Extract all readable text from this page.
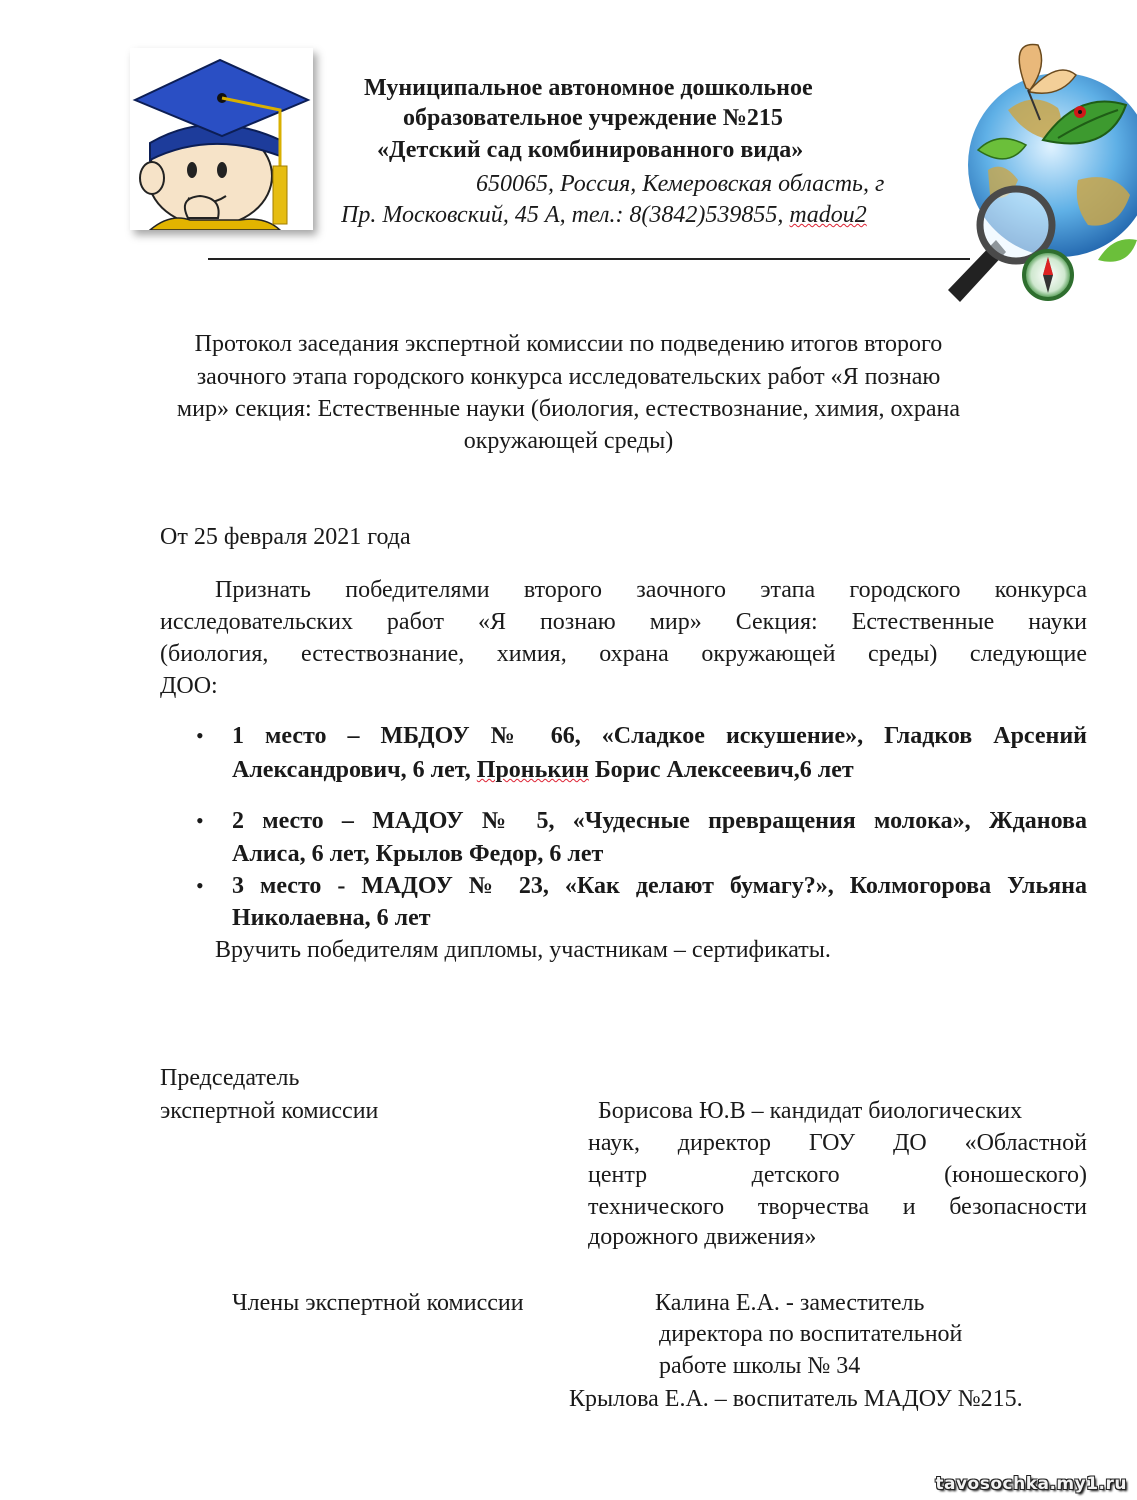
Муниципальное автономное дошкольное
образовательное учреждение №215
«Детский сад комбинированного вида»
650065, Россия, Кемеровская область, г
Пр. Московский, 45 А, тел.: 8(3842)539855, madou2
Протокол заседания экспертной комиссии по подведению итогов второго
заочного этапа городского конкурса исследовательских работ «Я познаю
мир» секция: Естественные науки (биология, естествознание, химия, охрана
окружающей среды)
От 25 февраля 2021 года
Признать победителями второго заочного этапа городского конкурса
исследовательских работ «Я познаю мир» Секция: Естественные науки
(биология, естествознание, химия, охрана окружающей среды) следующие
ДОО:
• 1 место – МБДОУ № 66, «Сладкое искушение», Гладков Арсений
Александрович, 6 лет, Пронькин Борис Алексеевич,6 лет
• 2 место – МАДОУ № 5, «Чудесные превращения молока», Жданова
Алиса, 6 лет, Крылов Федор, 6 лет
• 3 место - МАДОУ № 23, «Как делают бумагу?», Колмогорова Ульяна
Николаевна, 6 лет
Вручить победителям дипломы, участникам – сертификаты.
Председатель
экспертной комиссии	Борисова Ю.В – кандидат биологических
наук, директор ГОУ ДО «Областной
центр детского (юношеского)
технического творчества и безопасности
дорожного движения»
Члены экспертной комиссии	Калина Е.А. - заместитель
директора по воспитательной
работе школы № 34
Крылова Е.А. – воспитатель МАДОУ №215.
tavosochka.my1.ru
